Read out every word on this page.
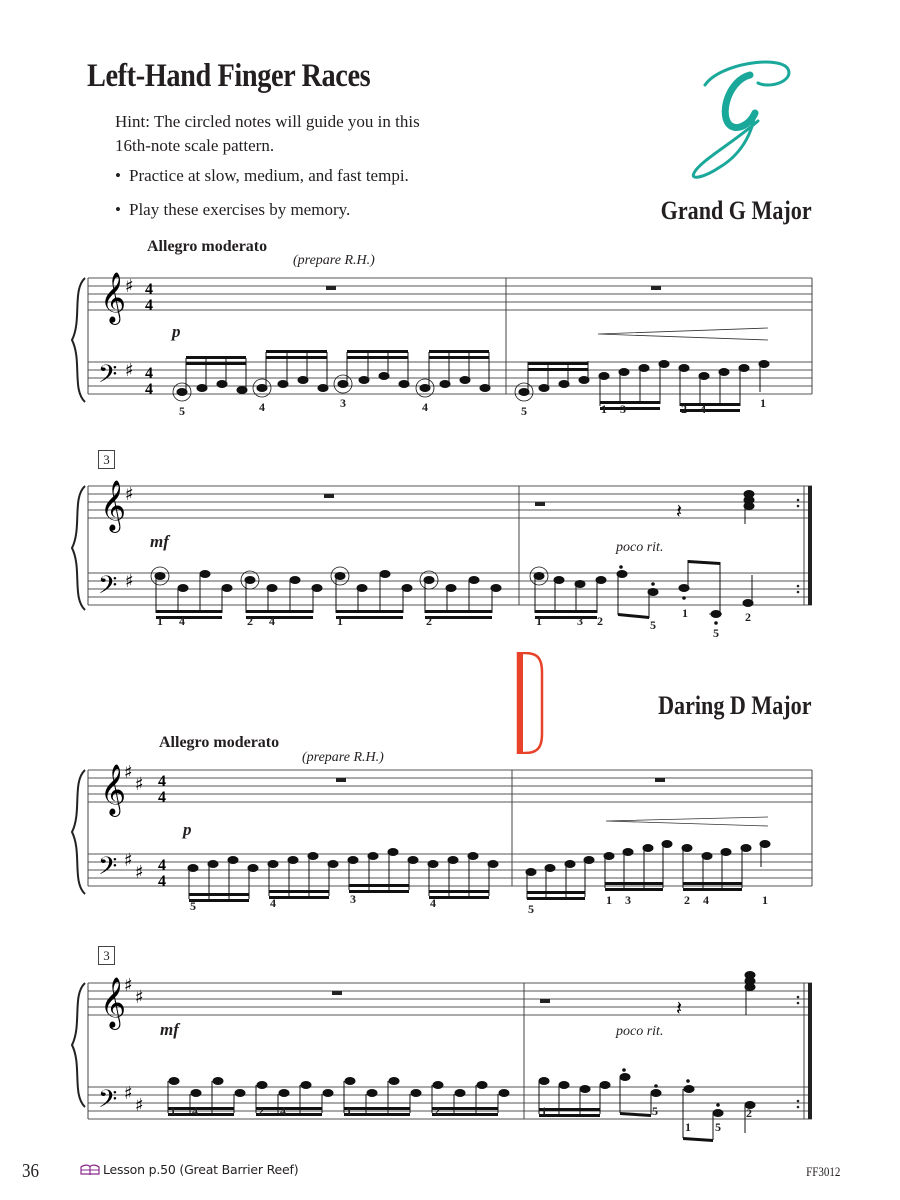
Left-Hand Finger Races
Hint: The circled notes will guide you in this 16th-note scale pattern.
• Practice at slow, medium, and fast tempi.
• Play these exercises by memory.	Grand G Major
Allegro moderato
(prepare R.H.)
p
𝄞
𝄢
♯
♯
4
4
4
4
5	4	3	4	5	1 3	2 4	1
3
mf	poco rit.
𝄞
𝄢
♯
♯
𝄽
1 4	2 4	1	2	1	3 2	5
1
5
2
Daring D Major
Allegro moderato
(prepare R.H.)
p
𝄞
𝄢
♯
♯
♯
♯
4
4
4
4
5	4	3	4	5
1 3	2 4	1
3
mf	poco rit.
𝄞
𝄢
♯
♯
♯
♯
𝄽
1 4	2 4	1	2	1	5
1 5
2
36	Lesson p.50 (Great Barrier Reef)	FF3012
